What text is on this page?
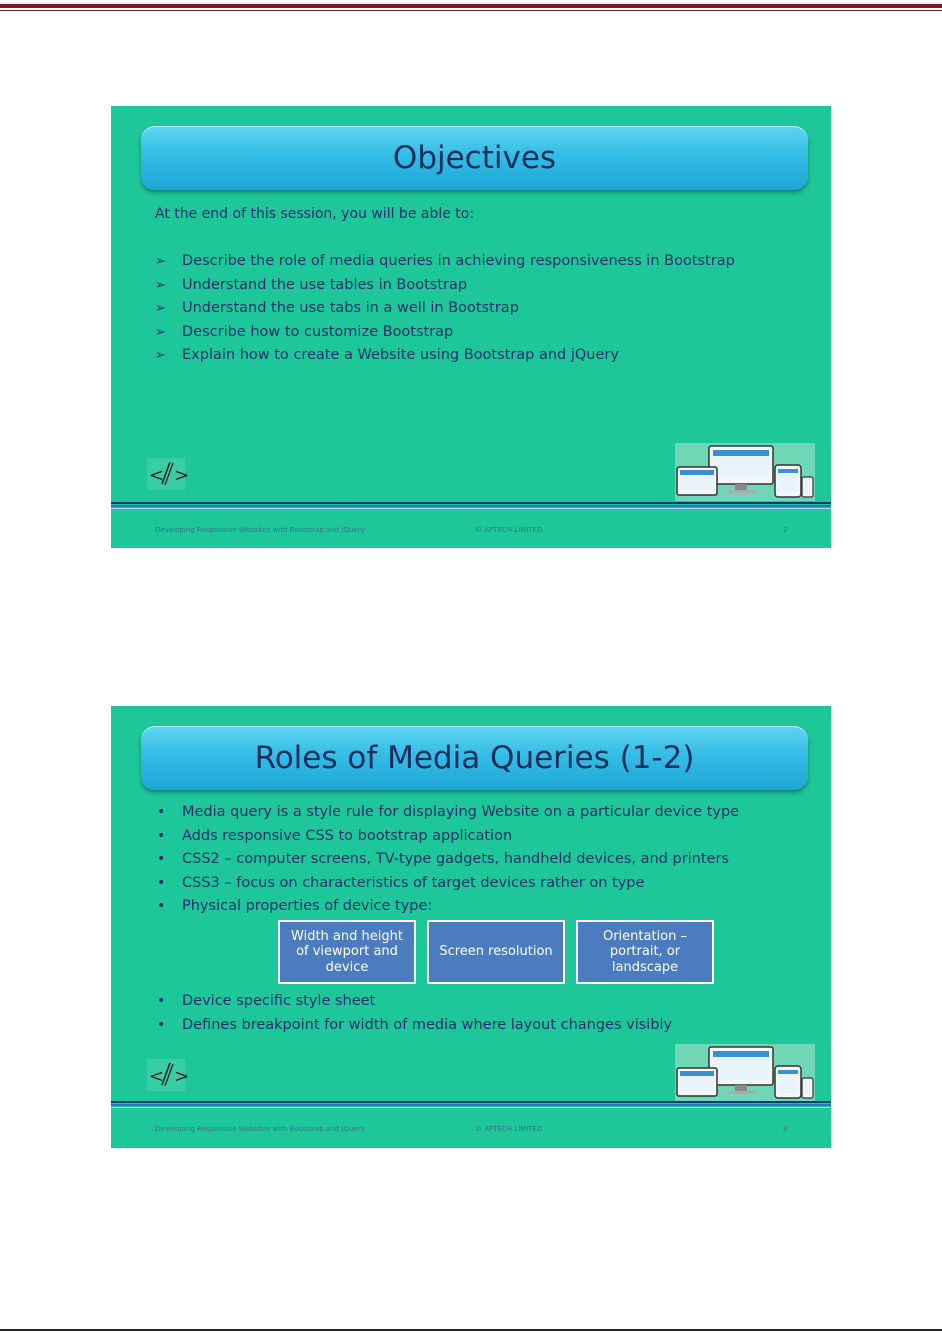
Objectives
At the end of this session, you will be able to:
➢	Describe the role of media queries in achieving responsiveness in Bootstrap
➢	Understand the use tables in Bootstrap
➢	Understand the use tabs in a well in Bootstrap
➢	Describe how to customize Bootstrap
➢	Explain how to create a Website using Bootstrap and jQuery
< >
Developing Responsive Websites with Bootstrap and jQuery	© APTECH LIMITED	2
Roles of Media Queries (1-2)
•	Media query is a style rule for displaying Website on a particular device type
•	Adds responsive CSS to bootstrap application
•	CSS2 – computer screens, TV-type gadgets, handheld devices, and printers
•	CSS3 – focus on characteristics of target devices rather on type
•	Physical properties of device type:
Width and height of viewport and device
Screen resolution
Orientation – portrait, or landscape
•	Device specific style sheet
•	Defines breakpoint for width of media where layout changes visibly
< >
Developing Responsive Websites with Bootstrap and jQuery	© APTECH LIMITED	3
